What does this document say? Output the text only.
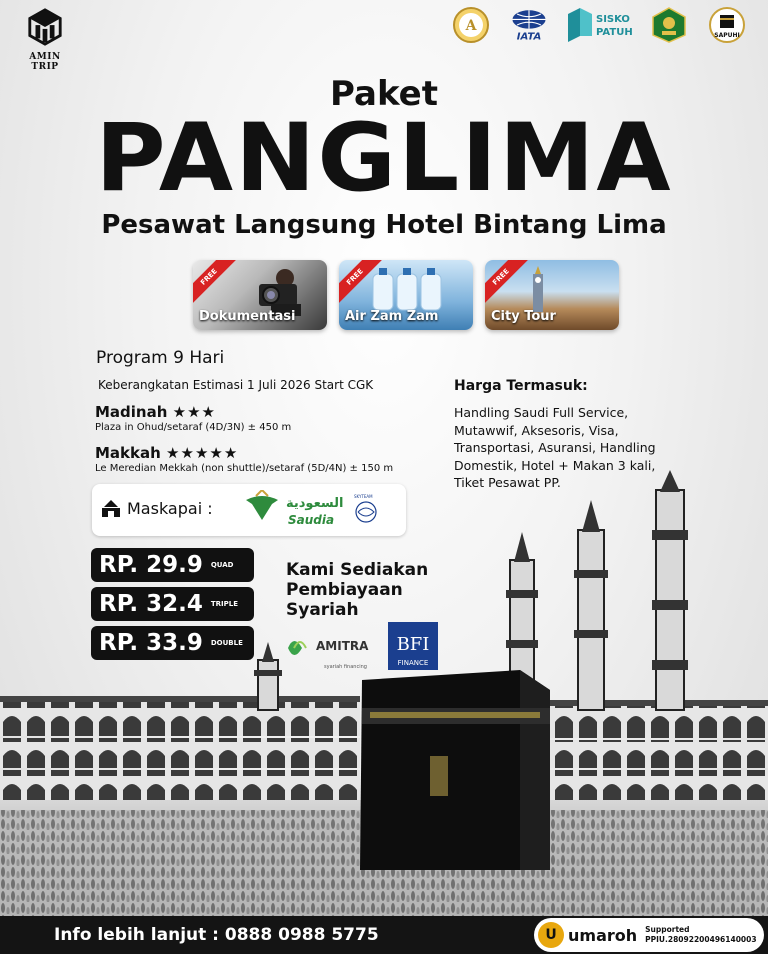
AMIN TRIP
A
IATA
SISKO
PATUH	SAPUHI
Paket
PANGLIMA
Pesawat Langsung Hotel Bintang Lima
FREE
Dokumentasi
FREE
Air Zam Zam
FREE
City Tour
Program 9 Hari
Keberangkatan Estimasi 1 Juli 2026 Start CGK
Madinah ★★★
Plaza in Ohud/setaraf (4D/3N) ± 450 m
Makkah ★★★★★
Le Meredian Mekkah (non shuttle)/setaraf (5D/4N) ± 150 m
Maskapai :	السعودية
Saudia
SKYTEAM
RP. 29.9 QUAD
RP. 32.4 TRIPLE
RP. 33.9 DOUBLE
Kami Sediakan Pembiayaan Syariah
AMITRA
syariah financing
BFI
FINANCE
Harga Termasuk:
Handling Saudi Full Service, Mutawwif, Aksesoris, Visa, Transportasi, Asuransi, Handling Domestik, Hotel + Makan 3 kali, Tiket Pesawat PP.
Info lebih lanjut : 0888 0988 5775	U umaroh Supported
PPIU.28092200496140003
